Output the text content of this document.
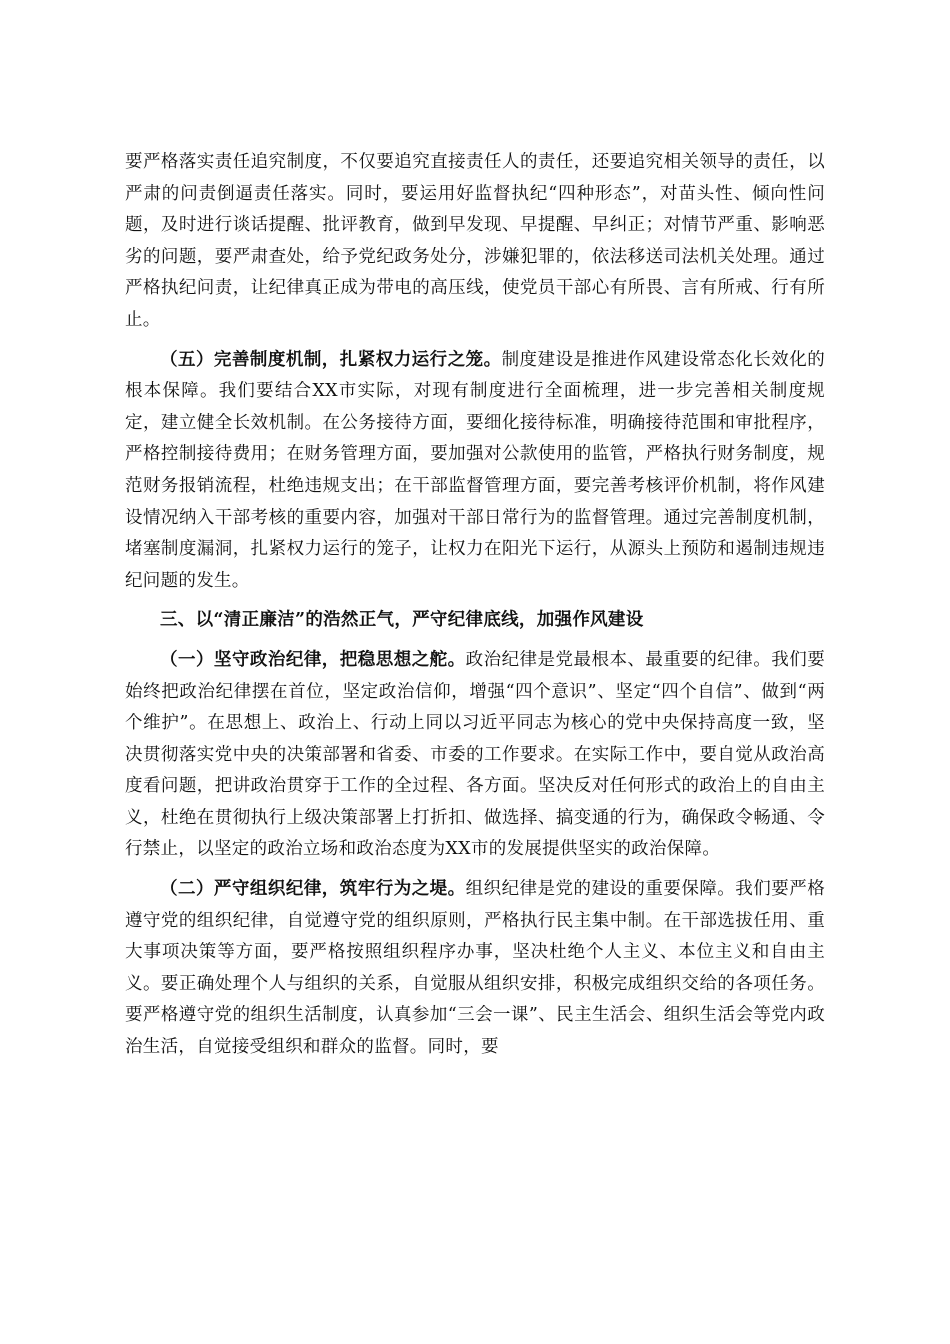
要严格落实责任追究制度，不仅要追究直接责任人的责任，还要追究相关领导的责任，以严肃的问责倒逼责任落实。同时，要运用好监督执纪“四种形态”，对苗头性、倾向性问题，及时进行谈话提醒、批评教育，做到早发现、早提醒、早纠正；对情节严重、影响恶劣的问题，要严肃查处，给予党纪政务处分，涉嫌犯罪的，依法移送司法机关处理。通过严格执纪问责，让纪律真正成为带电的高压线，使党员干部心有所畏、言有所戒、行有所止。

（五）完善制度机制，扎紧权力运行之笼。制度建设是推进作风建设常态化长效化的根本保障。我们要结合XX市实际，对现有制度进行全面梳理，进一步完善相关制度规定，建立健全长效机制。在公务接待方面，要细化接待标准，明确接待范围和审批程序，严格控制接待费用；在财务管理方面，要加强对公款使用的监管，严格执行财务制度，规范财务报销流程，杜绝违规支出；在干部监督管理方面，要完善考核评价机制，将作风建设情况纳入干部考核的重要内容，加强对干部日常行为的监督管理。通过完善制度机制，堵塞制度漏洞，扎紧权力运行的笼子，让权力在阳光下运行，从源头上预防和遏制违规违纪问题的发生。

三、以“清正廉洁”的浩然正气，严守纪律底线，加强作风建设

（一）坚守政治纪律，把稳思想之舵。政治纪律是党最根本、最重要的纪律。我们要始终把政治纪律摆在首位，坚定政治信仰，增强“四个意识”、坚定“四个自信”、做到“两个维护”。在思想上、政治上、行动上同以习近平同志为核心的党中央保持高度一致，坚决贯彻落实党中央的决策部署和省委、市委的工作要求。在实际工作中，要自觉从政治高度看问题，把讲政治贯穿于工作的全过程、各方面。坚决反对任何形式的政治上的自由主义，杜绝在贯彻执行上级决策部署上打折扣、做选择、搞变通的行为，确保政令畅通、令行禁止，以坚定的政治立场和政治态度为XX市的发展提供坚实的政治保障。

（二）严守组织纪律，筑牢行为之堤。组织纪律是党的建设的重要保障。我们要严格遵守党的组织纪律，自觉遵守党的组织原则，严格执行民主集中制。在干部选拔任用、重大事项决策等方面，要严格按照组织程序办事，坚决杜绝个人主义、本位主义和自由主义。要正确处理个人与组织的关系，自觉服从组织安排，积极完成组织交给的各项任务。要严格遵守党的组织生活制度，认真参加“三会一课”、民主生活会、组织生活会等党内政治生活，自觉接受组织和群众的监督。同时，要
